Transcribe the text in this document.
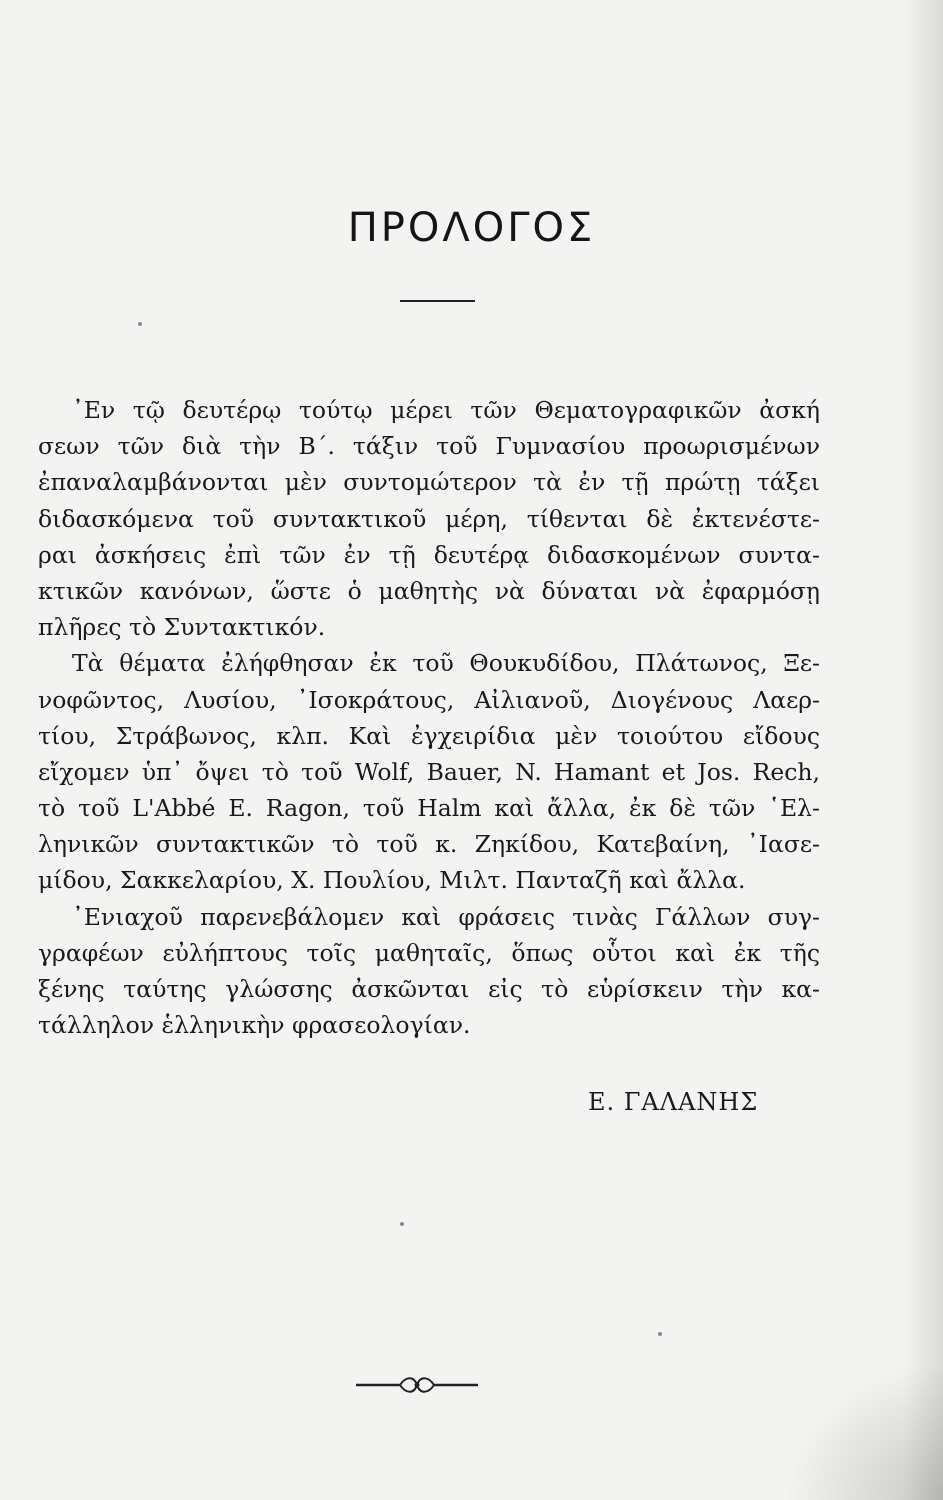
ΠΡΟΛΟΓΟΣ
᾿Εν τῷ δευτέρῳ τούτῳ μέρει τῶν Θεματογραφικῶν ἀσκή
σεων τῶν διὰ τὴν Β΄. τάξιν τοῦ Γυμνασίου προωρισμένων
ἐπαναλαμβάνονται μὲν συντομώτερον τὰ ἐν τῇ πρώτῃ τάξει
διδασκόμενα τοῦ συντακτικοῦ μέρη, τίθενται δὲ ἐκτενέστε-
ραι ἀσκήσεις ἐπὶ τῶν ἐν τῇ δευτέρᾳ διδασκομένων συντα-
κτικῶν κανόνων, ὥστε ὁ μαθητὴς νὰ δύναται νὰ ἐφαρμόσῃ
πλῆρες τὸ Συντακτικόν.
Τὰ θέματα ἐλήφθησαν ἐκ τοῦ Θουκυδίδου, Πλάτωνος, Ξε-
νοφῶντος, Λυσίου, ᾿Ισοκράτους, Αἰλιανοῦ, Διογένους Λαερ-
τίου, Στράβωνος, κλπ. Καὶ ἐγχειρίδια μὲν τοιούτου εἴδους
εἴχομεν ὑπ᾿ ὄψει τὸ τοῦ Wolf, Bauer, N. Hamant et Jos. Rech,
τὸ τοῦ L'Abbé E. Ragon, τοῦ Halm καὶ ἄλλα, ἐκ δὲ τῶν ῾Ελ-
ληνικῶν συντακτικῶν τὸ τοῦ κ. Ζηκίδου, Κατεβαίνη, ᾿Ιασε-
μίδου, Σακκελαρίου, Χ. Πουλίου, Μιλτ. Πανταζῆ καὶ ἄλλα.
᾿Ενιαχοῦ παρενεβάλομεν καὶ φράσεις τινὰς Γάλλων συγ-
γραφέων εὐλήπτους τοῖς μαθηταῖς, ὅπως οὗτοι καὶ ἐκ τῆς
ξένης ταύτης γλώσσης ἀσκῶνται εἰς τὸ εὑρίσκειν τὴν κα-
τάλληλον ἑλληνικὴν φρασεολογίαν.
Ε. ΓΑΛΑΝΗΣ
